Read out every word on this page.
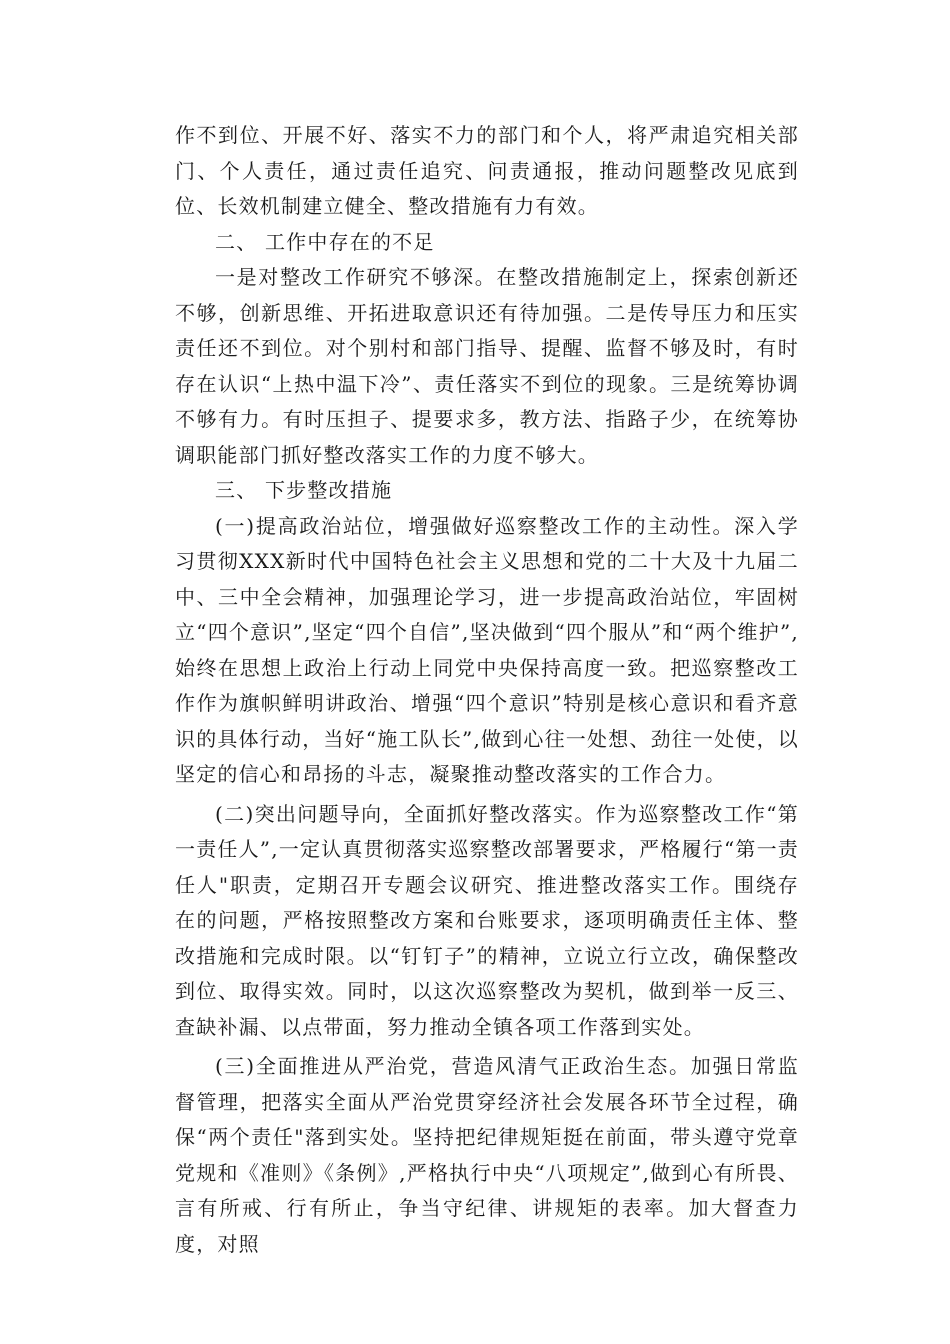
作不到位、开展不好、落实不力的部门和个人，将严肃追究相关部门、个人责任，通过责任追究、问责通报，推动问题整改见底到位、长效机制建立健全、整改措施有力有效。

二、 工作中存在的不足

一是对整改工作研究不够深。在整改措施制定上，探索创新还不够，创新思维、开拓进取意识还有待加强。二是传导压力和压实责任还不到位。对个别村和部门指导、提醒、监督不够及时，有时存在认识“上热中温下冷”、责任落实不到位的现象。三是统筹协调不够有力。有时压担子、提要求多，教方法、指路子少，在统筹协调职能部门抓好整改落实工作的力度不够大。

三、 下步整改措施

(一)提高政治站位，增强做好巡察整改工作的主动性。深入学习贯彻XXX新时代中国特色社会主义思想和党的二十大及十九届二中、三中全会精神，加强理论学习，进一步提高政治站位，牢固树立“四个意识”,坚定“四个自信”,坚决做到“四个服从”和“两个维护”,始终在思想上政治上行动上同党中央保持高度一致。把巡察整改工作作为旗帜鲜明讲政治、增强“四个意识”特别是核心意识和看齐意识的具体行动，当好“施工队长”,做到心往一处想、劲往一处使，以坚定的信心和昂扬的斗志，凝聚推动整改落实的工作合力。

(二)突出问题导向，全面抓好整改落实。作为巡察整改工作“第一责任人”,一定认真贯彻落实巡察整改部署要求，严格履行“第一责任人"职责，定期召开专题会议研究、推进整改落实工作。围绕存在的问题，严格按照整改方案和台账要求，逐项明确责任主体、整改措施和完成时限。以“钉钉子”的精神，立说立行立改，确保整改到位、取得实效。同时，以这次巡察整改为契机，做到举一反三、查缺补漏、以点带面，努力推动全镇各项工作落到实处。

(三)全面推进从严治党，营造风清气正政治生态。加强日常监督管理，把落实全面从严治党贯穿经济社会发展各环节全过程，确保“两个责任"落到实处。坚持把纪律规矩挺在前面，带头遵守党章党规和《准则》《条例》,严格执行中央“八项规定”,做到心有所畏、言有所戒、行有所止，争当守纪律、讲规矩的表率。加大督查力度，对照
